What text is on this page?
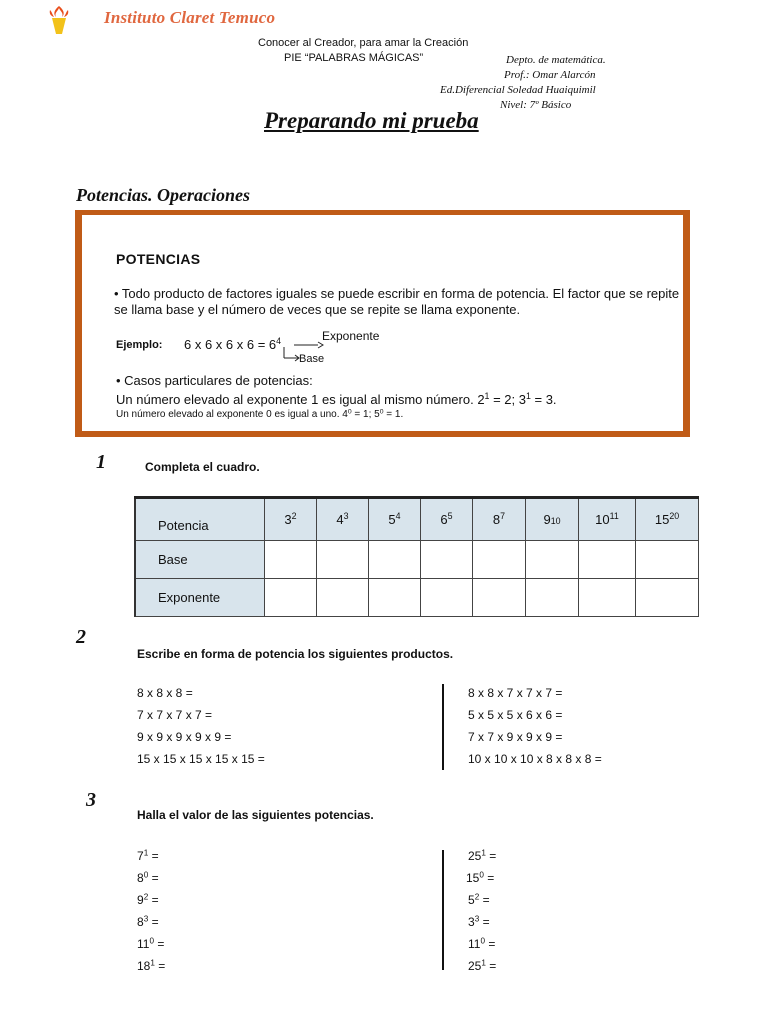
Instituto Claret Temuco
Conocer al Creador, para amar la Creación
PIE “PALABRAS MÁGICAS”	Depto. de matemática.
Prof.: Omar Alarcón
Ed.Diferencial Soledad Huaiquimil
Nivel: 7º Básico
Preparando mi prueba
Potencias. Operaciones
POTENCIAS
• Todo producto de factores iguales se puede escribir en forma de potencia. El factor que se repite se llama base y el número de veces que se repite se llama exponente.
Ejemplo: 6 x 6 x 6 x $6 = 6^4$	Exponente
Base
• Casos particulares de potencias:
Un número elevado al exponente 1 es igual al mismo número. $2^1 = 2$; $3^1 = 3$.
Un número elevado al exponente 0 es igual a uno. $4^0 = 1$; $5^0 = 1$.
1	Completa el cuadro.
Potencia	$3^2$	$4^3$	$5^4$	$6^5$	$8^7$	910	$10^{11}$	$15^{20}$
Base								
Exponente								
2
Escribe en forma de potencia los siguientes productos.
8 x 8 x 8 =
7 x 7 x 7 x 7 =
9 x 9 x 9 x 9 x 9 =
15 x 15 x 15 x 15 x 15 =
8 x 8 x 7 x 7 x 7 =
5 x 5 x 5 x 6 x 6 =
7 x 7 x 9 x 9 x 9 =
10 x 10 x 10 x 8 x 8 x 8 =
3
Halla el valor de las siguientes potencias.
$7^1$ =
$8^0$ =
$9^2$ =
$8^3$ =
$11^0$ =
$18^1$ =
$25^1$ =
$15^0$ =
$5^2$ =
$3^3$ =
$11^0$ =
$25^1$ =
